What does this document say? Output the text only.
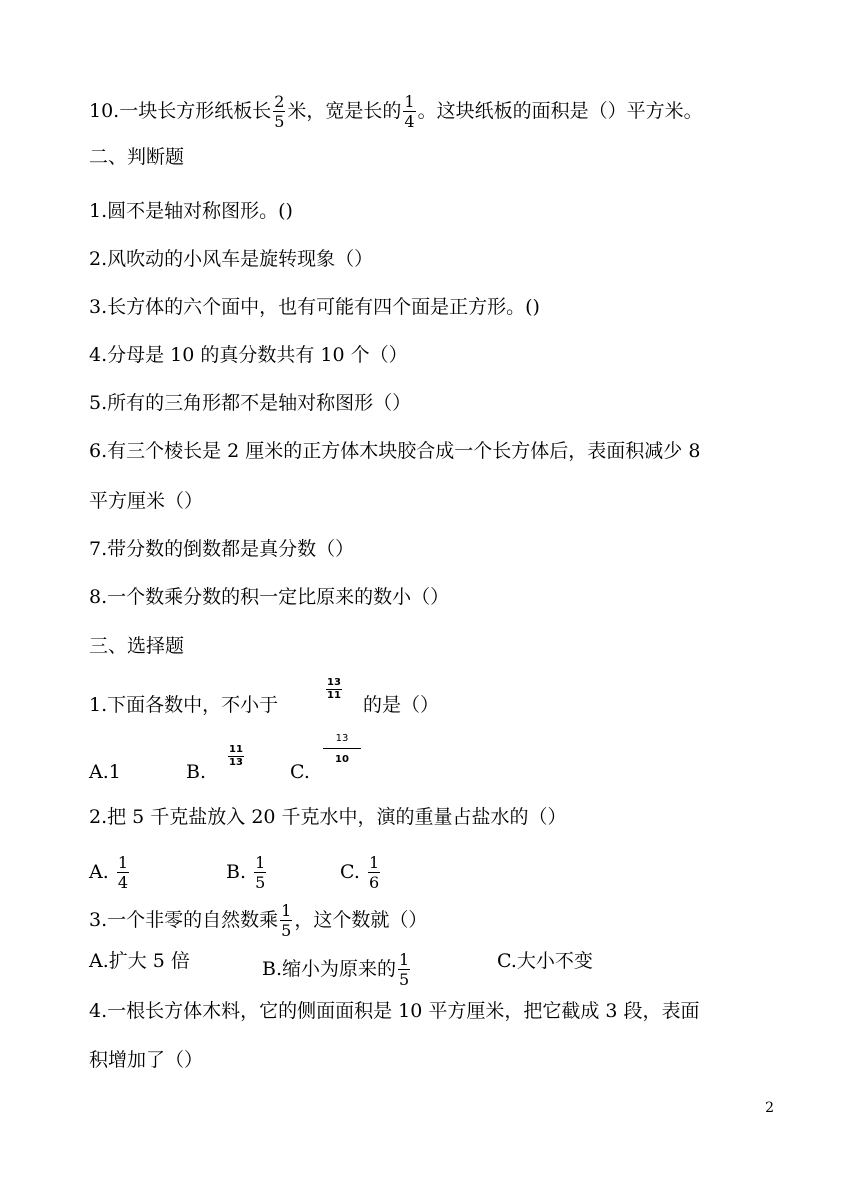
10.一块长方形纸板长 $\frac{2}{5}$ 米，宽是长的 $\frac{1}{4}$ 。这块纸板的面积是（）平方米。
二、判断题
1.圆不是轴对称图形。()
2.风吹动的小风车是旋转现象（）
3.长方体的六个面中，也有可能有四个面是正方形。()
4.分母是 10 的真分数共有 10 个（）
5.所有的三角形都不是轴对称图形（）
6.有三个棱长是 2 厘米的正方体木块胶合成一个长方体后，表面积减少 8
平方厘米（）
7.带分数的倒数都是真分数（）
8.一个数乘分数的积一定比原来的数小（）
三、选择题
1.下面各数中，不小于
$\frac{13}{11}$
的是（）
A.1	B.
$\frac{11}{13}$
C.
$\frac{13}{10}$
2.把 5 千克盐放入 20 千克水中，演的重量占盐水的（）
A. $\frac{1}{4}$	B. $\frac{1}{5}$	C. $\frac{1}{6}$
3.一个非零的自然数乘 $\frac{1}{5}$ ，这个数就（）
A.扩大 5 倍	B.缩小为原来的 $\frac{1}{5}$	C.大小不变
4.一根长方体木料，它的侧面面积是 10 平方厘米，把它截成 3 段，表面
积增加了（）
2
